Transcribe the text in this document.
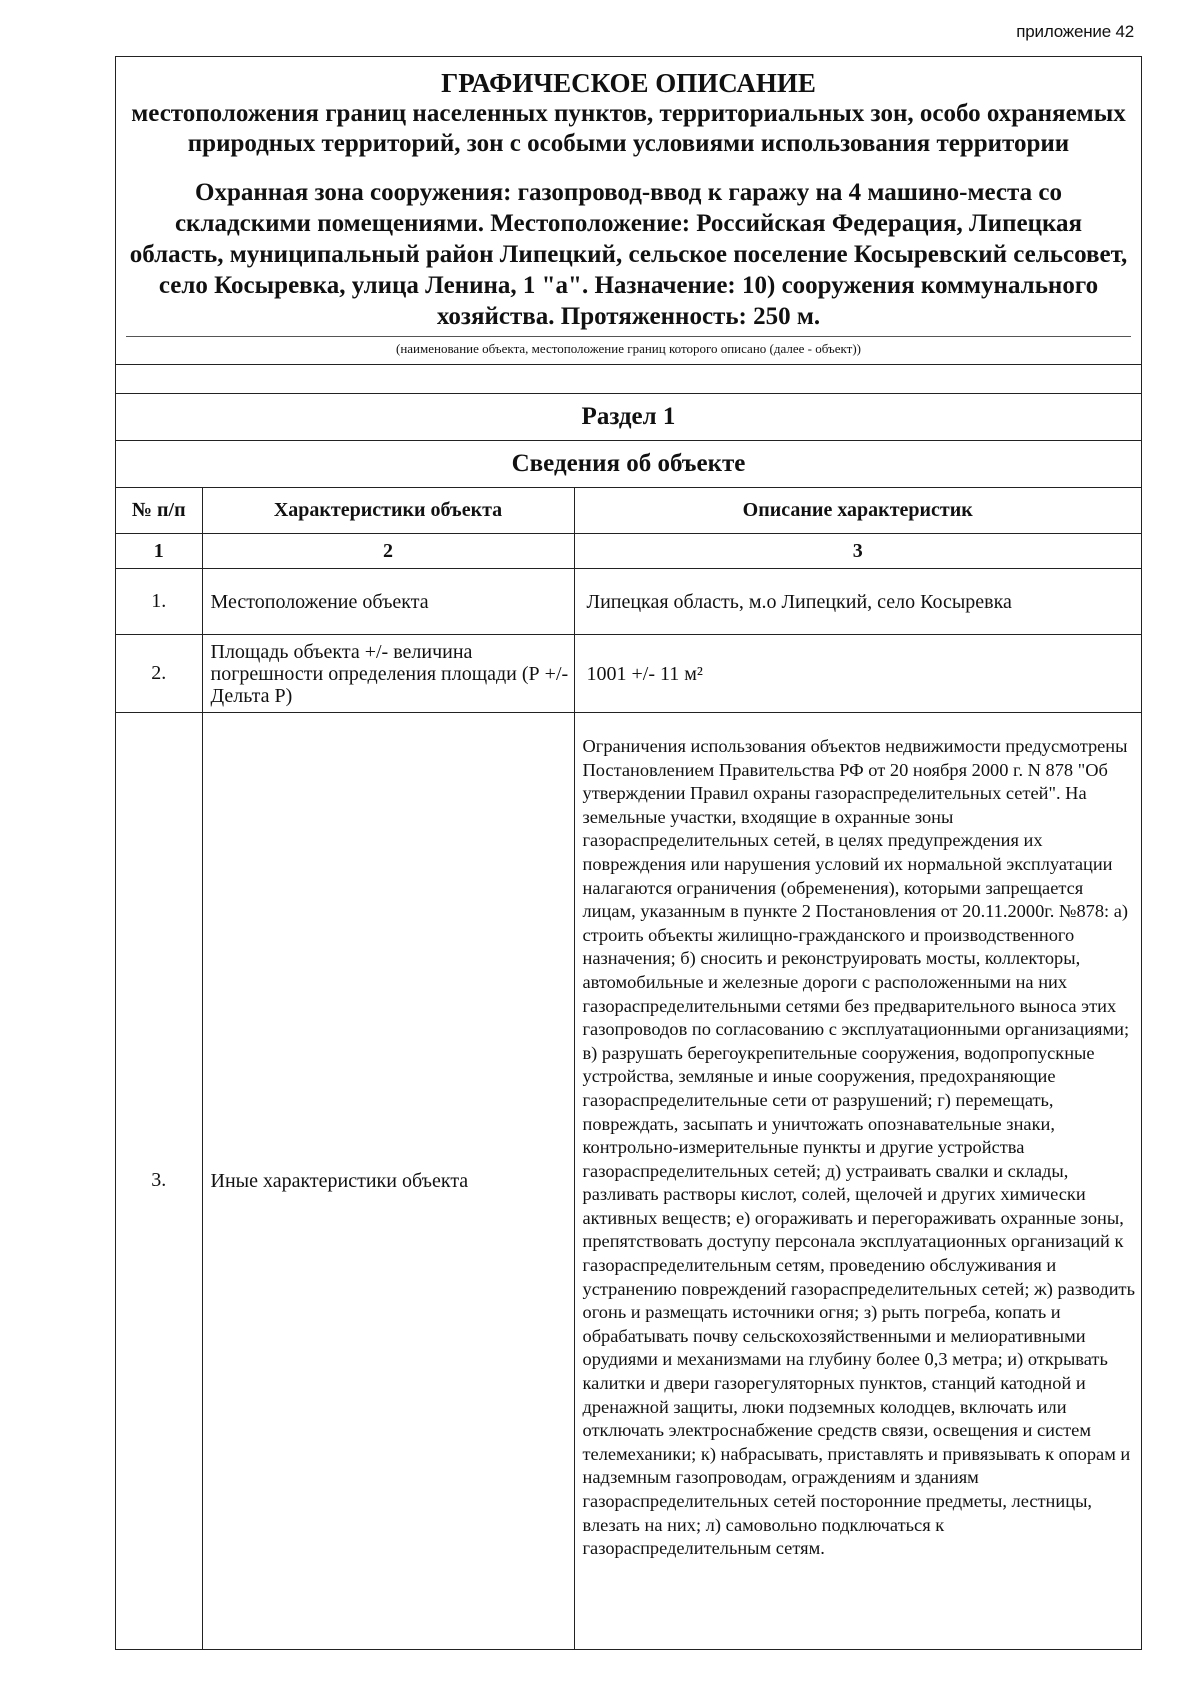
приложение 42

ГРАФИЧЕСКОЕ ОПИСАНИЕ

местоположения границ населенных пунктов, территориальных зон, особо охраняемых природных территорий, зон с особыми условиями использования территории

Охранная зона сооружения: газопровод-ввод к гаражу на 4 машино-места со складскими помещениями. Местоположение: Российская Федерация, Липецкая область, муниципальный район Липецкий, сельское поселение Косыревский сельсовет, село Косыревка, улица Ленина, 1 "а". Назначение: 10) сооружения коммунального хозяйства. Протяженность: 250 м.

(наименование объекта, местоположение границ которого описано (далее - объект))
Раздел 1
Сведения об объекте
№ п/п	Характеристики объекта	Описание характеристик
1	2	3
1.	Местоположение объекта	Липецкая область, м.о Липецкий, село Косыревка
2.	Площадь объекта +/- величина погрешности определения площади (Р +/- Дельта Р)	1001 +/- 11 м²
3.	Иные характеристики объекта	Ограничения использования объектов недвижимости предусмотрены Постановлением Правительства РФ от 20 ноября 2000 г. N 878 "Об утверждении Правил охраны газораспределительных сетей". На земельные участки, входящие в охранные зоны газораспределительных сетей, в целях предупреждения их повреждения или нарушения условий их нормальной эксплуатации налагаются ограничения (обременения), которыми запрещается лицам, указанным в пункте 2 Постановления от 20.11.2000г. №878: а) строить объекты жилищно-гражданского и производственного назначения; б) сносить и реконструировать мосты, коллекторы, автомобильные и железные дороги с расположенными на них газораспределительными сетями без предварительного выноса этих газопроводов по согласованию с эксплуатационными организациями; в) разрушать берегоукрепительные сооружения, водопропускные устройства, земляные и иные сооружения, предохраняющие газораспределительные сети от разрушений; г) перемещать, повреждать, засыпать и уничтожать опознавательные знаки, контрольно-измерительные пункты и другие устройства газораспределительных сетей; д) устраивать свалки и склады, разливать растворы кислот, солей, щелочей и других химически активных веществ; е) огораживать и перегораживать охранные зоны, препятствовать доступу персонала эксплуатационных организаций к газораспределительным сетям, проведению обслуживания и устранению повреждений газораспределительных сетей; ж) разводить огонь и размещать источники огня; з) рыть погреба, копать и обрабатывать почву сельскохозяйственными и мелиоративными орудиями и механизмами на глубину более 0,3 метра; и) открывать калитки и двери газорегуляторных пунктов, станций катодной и дренажной защиты, люки подземных колодцев, включать или отключать электроснабжение средств связи, освещения и систем телемеханики; к) набрасывать, приставлять и привязывать к опорам и надземным газопроводам, ограждениям и зданиям газораспределительных сетей посторонние предметы, лестницы, влезать на них; л) самовольно подключаться к газораспределительным сетям.
